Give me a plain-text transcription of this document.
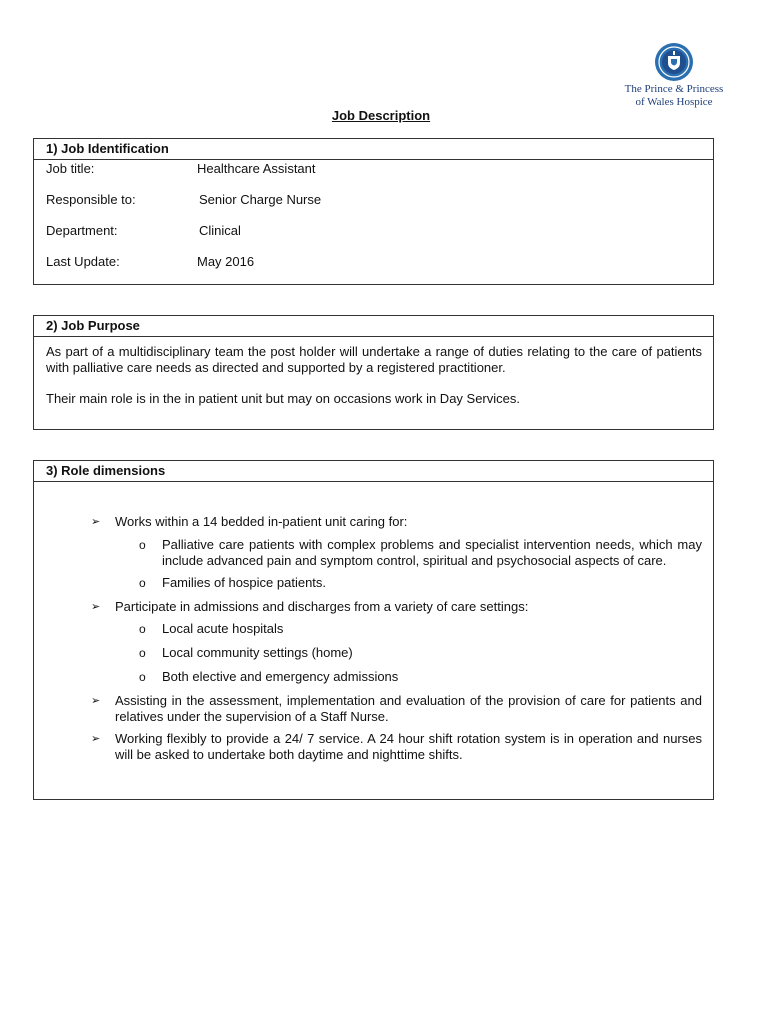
The Prince & Princess
of Wales Hospice
Job Description
1) Job Identification
Job title:	Healthcare Assistant
Responsible to:	Senior Charge Nurse
Department:	Clinical
Last Update:	May 2016
2) Job Purpose
As part of a multidisciplinary team the post holder will undertake a range of duties relating to the care of patients with palliative care needs as directed and supported by a registered practitioner.
Their main role is in the in patient unit but may on occasions work in Day Services.
3) Role dimensions
➢ Works within a 14 bedded in-patient unit caring for:
o Palliative care patients with complex problems and specialist intervention needs, which may include advanced pain and symptom control, spiritual and psychosocial aspects of care.
o Families of hospice patients.
➢ Participate in admissions and discharges from a variety of care settings:
o Local acute hospitals
o Local community settings (home)
o Both elective and emergency admissions
➢ Assisting in the assessment, implementation and evaluation of the provision of care for patients and relatives under the supervision of a Staff Nurse.
➢ Working flexibly to provide a 24/ 7 service. A 24 hour shift rotation system is in operation and nurses will be asked to undertake both daytime and nighttime shifts.
